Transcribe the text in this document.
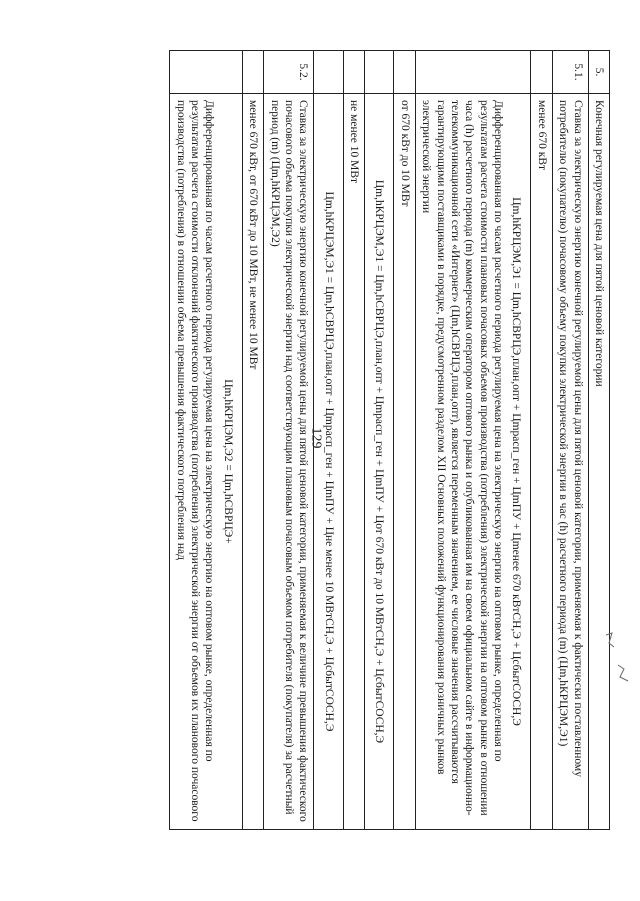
129
5.	Конечная регулируемая цена для пятой ценовой категории
5.1.	Ставка за электрическую энергию конечной регулируемой цены для пятой ценовой категории, применяемая к фактически поставленному потребителю (покупателю) почасовому объему покупки электрической энергии в час (h) расчетного периода (m) (Цm,hКРЦЭМ,Э1)
	менее 670 кВт

	Цm,hКРЦЭМ,Э1 = Цm,hСВРЦЭ,план,опт + Цmрасп_ген + ЦmПУ + Цmенее 670 кВтСН,Э + ЦсбытСОСН,Э
Дифференцированная по часам расчетного периода регулируемая цена на электрическую энергию на оптовом рынке, определенная по результатам расчета стоимости плановых почасовых объемов производства (потребления) электрической энергии на оптовом рынке в отношении часа (h) расчетного периода (m) коммерческим оператором оптового рынка и опубликованная им на своем официальном сайте в информационно-телекоммуникационной сети «Интернет» (Цm,hСВРЦЭ,план,опт), является переменным значением, ее числовые значения рассчитываются гарантирующими поставщиками в порядке, предусмотренном разделом XII Основных положений функционирования розничных рынков электрической энергии

	от 670 кВт до 10 МВт

	Цm,hКРЦЭМ,Э1 = Цm,hСВРЦЭ,план,опт + Цmрасп_ген + ЦmПУ + Цот 670 кВт до 10 МВтСН,Э + ЦсбытСОСН,Э

	не менее 10 МВт

	Цm,hКРЦЭМ,Э1 = Цm,hСВРЦЭ,план,опт + Цmрасп_ген + ЦmПУ + Цне менее 10 МВтСН,Э + ЦсбытСОСН,Э

5.2.	Ставка за электрическую энергию конечной регулируемой цены для пятой ценовой категории, применяемая к величине превышения фактического почасового объема покупки электрической энергии над соответствующим плановым почасовым объемом потребителя (покупателя) за расчетный период (m) (Цm,hКРЦЭМ,Э2)
	менее 670 кВт, от 670 кВт до 10 МВт, не менее 10 МВт

	Цm,hКРЦЭМ,Э2 = Цm,hСВРЦЭ+
Дифференцированная по часам расчетного периода регулируемая цена на электрическую энергию на оптовом рынке, определенная по результатам расчета стоимости отклонений фактического производства (потребления) электрической энергии от объемов их планового почасового производства (потребления) в отношении объема превышения фактического потребления над
